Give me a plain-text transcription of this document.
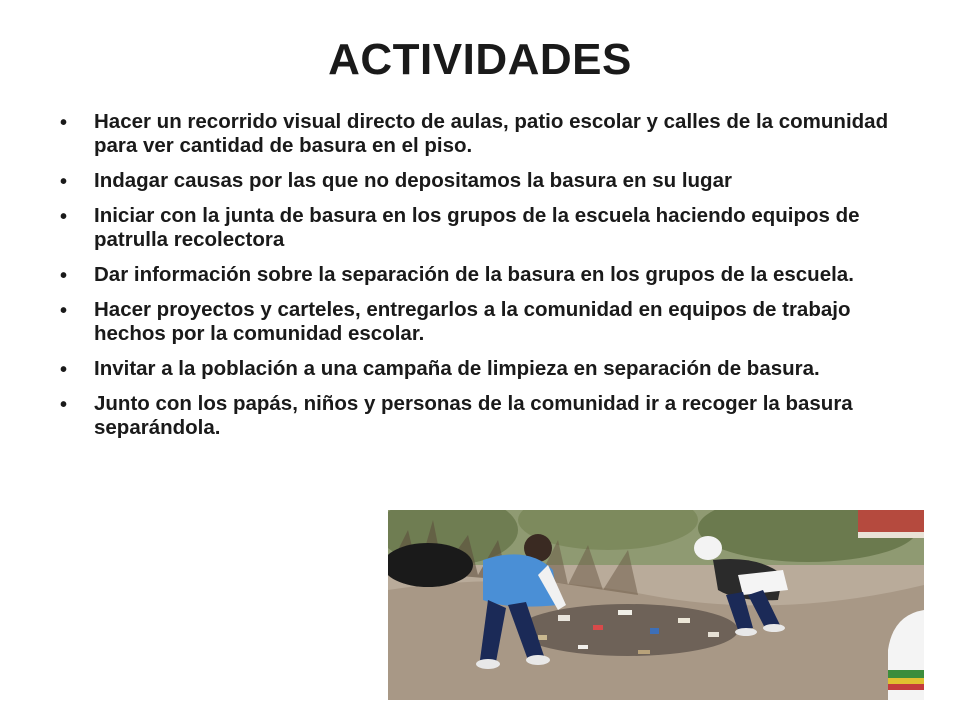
ACTIVIDADES
• Hacer un recorrido visual directo de aulas, patio escolar y calles de la comunidad para ver cantidad de basura en el piso.
• Indagar causas por las que no depositamos la basura en su lugar
• Iniciar con la junta de basura en los grupos de la escuela haciendo equipos de patrulla recolectora
• Dar información sobre la separación de la basura en los grupos de la escuela.
• Hacer proyectos y carteles, entregarlos a la comunidad en equipos de trabajo hechos por la comunidad escolar.
• Invitar a la población a una campaña de limpieza en separación de basura.
• Junto con los papás, niños y personas de la comunidad ir a recoger la basura separándola.
